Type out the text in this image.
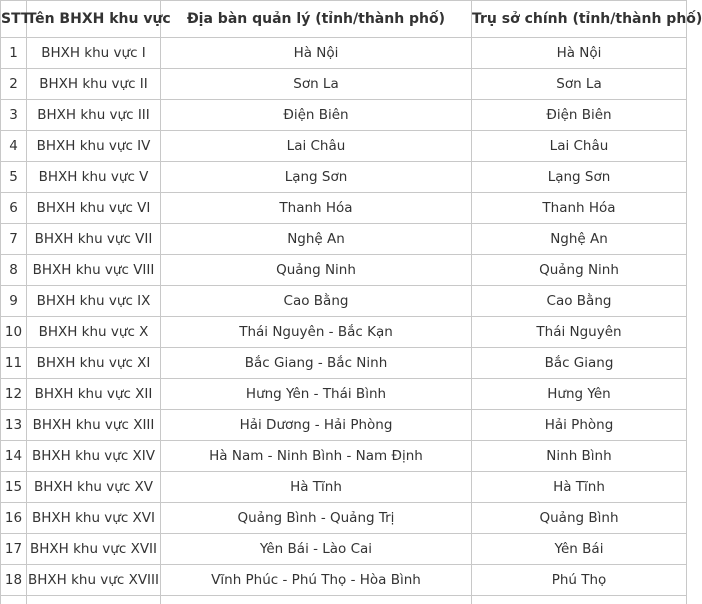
STT	Tên BHXH khu vực	Địa bàn quản lý (tỉnh/thành phố)	Trụ sở chính (tỉnh/thành phố)
1	BHXH khu vực I	Hà Nội	Hà Nội
2	BHXH khu vực II	Sơn La	Sơn La
3	BHXH khu vực III	Điện Biên	Điện Biên
4	BHXH khu vực IV	Lai Châu	Lai Châu
5	BHXH khu vực V	Lạng Sơn	Lạng Sơn
6	BHXH khu vực VI	Thanh Hóa	Thanh Hóa
7	BHXH khu vực VII	Nghệ An	Nghệ An
8	BHXH khu vực VIII	Quảng Ninh	Quảng Ninh
9	BHXH khu vực IX	Cao Bằng	Cao Bằng
10	BHXH khu vực X	Thái Nguyên - Bắc Kạn	Thái Nguyên
11	BHXH khu vực XI	Bắc Giang - Bắc Ninh	Bắc Giang
12	BHXH khu vực XII	Hưng Yên - Thái Bình	Hưng Yên
13	BHXH khu vực XIII	Hải Dương - Hải Phòng	Hải Phòng
14	BHXH khu vực XIV	Hà Nam - Ninh Bình - Nam Định	Ninh Bình
15	BHXH khu vực XV	Hà Tĩnh	Hà Tĩnh
16	BHXH khu vực XVI	Quảng Bình - Quảng Trị	Quảng Bình
17	BHXH khu vực XVII	Yên Bái - Lào Cai	Yên Bái
18	BHXH khu vực XVIII	Vĩnh Phúc - Phú Thọ - Hòa Bình	Phú Thọ
